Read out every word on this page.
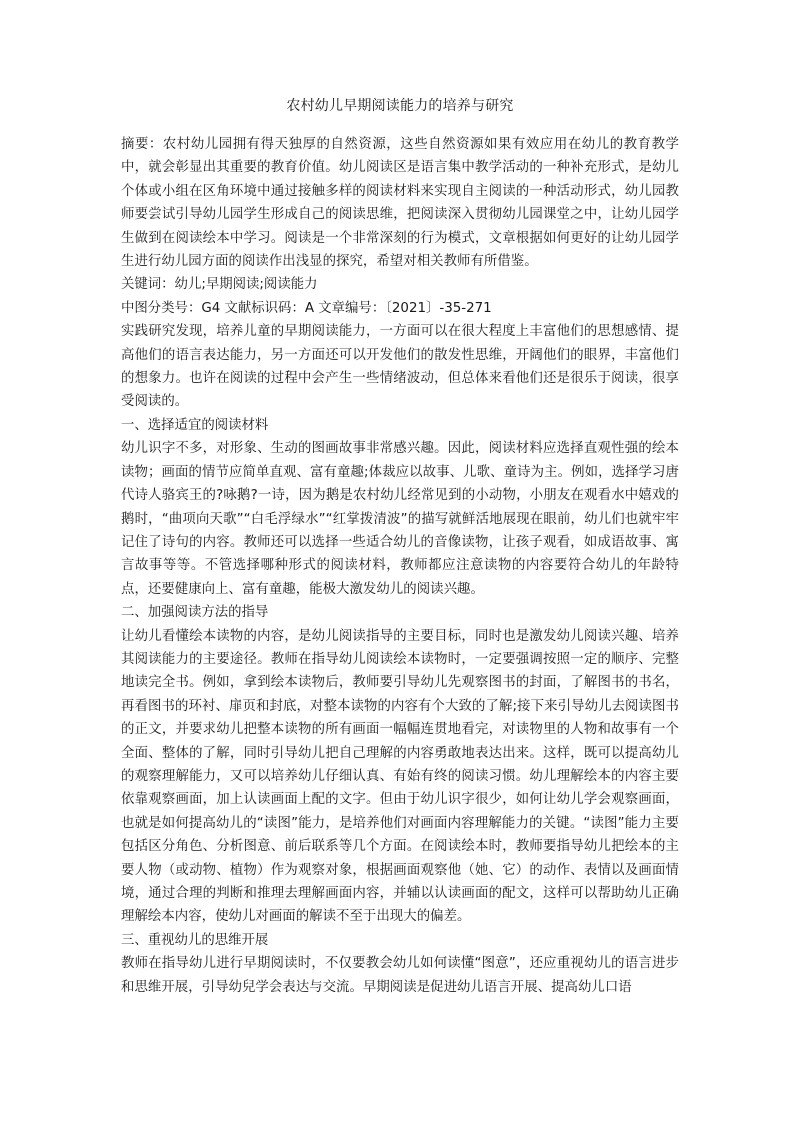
农村幼儿早期阅读能力的培养与研究

摘要：农村幼儿园拥有得天独厚的自然资源，这些自然资源如果有效应用在幼儿的教育教学中，就会彰显出其重要的教育价值。幼儿阅读区是语言集中教学活动的一种补充形式，是幼儿个体或小组在区角环境中通过接触多样的阅读材料来实现自主阅读的一种活动形式，幼儿园教师要尝试引导幼儿园学生形成自己的阅读思维，把阅读深入贯彻幼儿园课堂之中，让幼儿园学生做到在阅读绘本中学习。阅读是一个非常深刻的行为模式，文章根据如何更好的让幼儿园学生进行幼儿园方面的阅读作出浅显的探究，希望对相关教师有所借鉴。

关键词：幼儿;早期阅读;阅读能力

中图分类号：G4 文献标识码：A 文章编号：〔2021〕-35-271

实践研究发现，培养儿童的早期阅读能力，一方面可以在很大程度上丰富他们的思想感情、提高他们的语言表达能力，另一方面还可以开发他们的散发性思维，开阔他们的眼界，丰富他们的想象力。也许在阅读的过程中会产生一些情绪波动，但总体来看他们还是很乐于阅读，很享受阅读的。

一、选择适宜的阅读材料

幼儿识字不多，对形象、生动的图画故事非常感兴趣。因此，阅读材料应选择直观性强的绘本读物；画面的情节应简单直观、富有童趣;体裁应以故事、儿歌、童诗为主。例如，选择学习唐代诗人骆宾王的?咏鹅?一诗，因为鹅是农村幼儿经常见到的小动物，小朋友在观看水中嬉戏的鹅时，“曲项向天歌”“白毛浮绿水”“红掌拨清波”的描写就鲜活地展现在眼前，幼儿们也就牢牢记住了诗句的内容。教师还可以选择一些适合幼儿的音像读物，让孩子观看，如成语故事、寓言故事等等。不管选择哪种形式的阅读材料，教师都应注意读物的内容要符合幼儿的年龄特点，还要健康向上、富有童趣，能极大激发幼儿的阅读兴趣。

二、加强阅读方法的指导

让幼儿看懂绘本读物的内容，是幼儿阅读指导的主要目标，同时也是激发幼儿阅读兴趣、培养其阅读能力的主要途径。教师在指导幼儿阅读绘本读物时，一定要强调按照一定的顺序、完整地读完全书。例如，拿到绘本读物后，教师要引导幼儿先观察图书的封面，了解图书的书名，再看图书的环衬、扉页和封底，对整本读物的内容有个大致的了解;接下来引导幼儿去阅读图书的正文，并要求幼儿把整本读物的所有画面一幅幅连贯地看完，对读物里的人物和故事有一个全面、整体的了解，同时引导幼儿把自己理解的内容勇敢地表达出来。这样，既可以提高幼儿的观察理解能力，又可以培养幼儿仔细认真、有始有终的阅读习惯。幼儿理解绘本的内容主要依靠观察画面，加上认读画面上配的文字。但由于幼儿识字很少，如何让幼儿学会观察画面，也就是如何提高幼儿的“读图”能力，是培养他们对画面内容理解能力的关键。“读图”能力主要包括区分角色、分析图意、前后联系等几个方面。在阅读绘本时，教师要指导幼儿把绘本的主要人物（或动物、植物）作为观察对象，根据画面观察他（她、它）的动作、表情以及画面情境，通过合理的判断和推理去理解画面内容，并辅以认读画面的配文，这样可以帮助幼儿正确理解绘本内容，使幼儿对画面的解读不至于出现大的偏差。

三、重视幼儿的思维开展

教师在指导幼儿进行早期阅读时，不仅要教会幼儿如何读懂“图意”，还应重视幼儿的语言进步和思维开展，引导幼兒学会表达与交流。早期阅读是促进幼儿语言开展、提高幼儿口语
